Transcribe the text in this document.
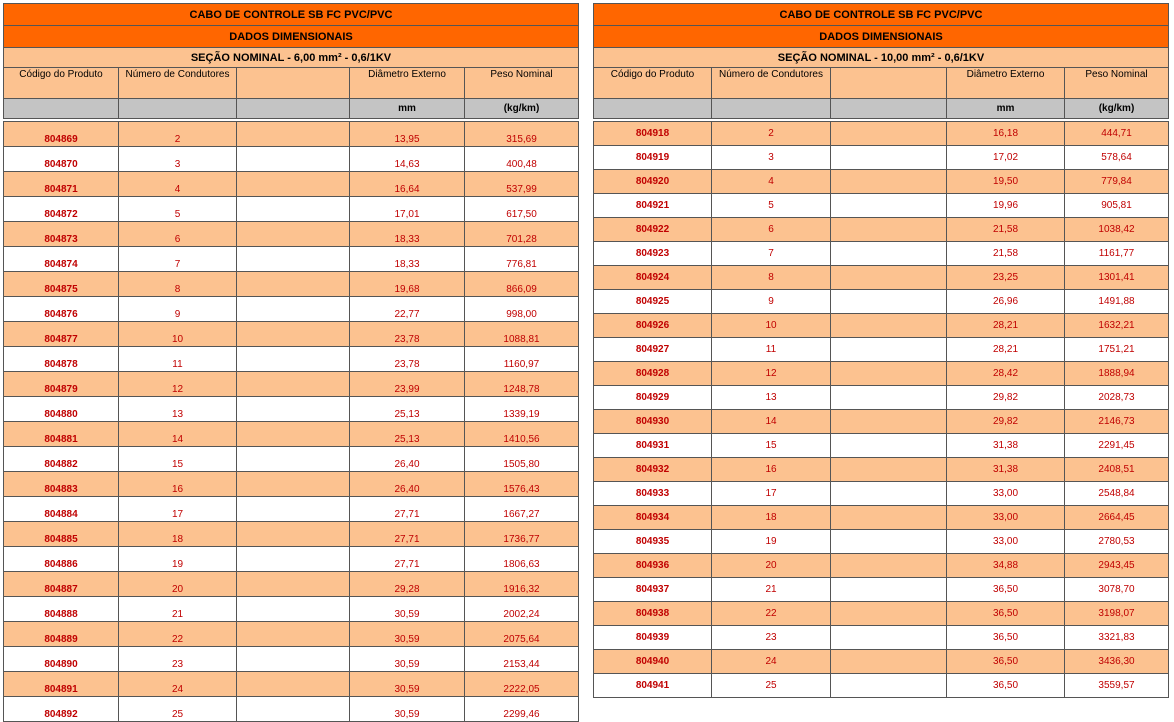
CABO DE CONTROLE SB FC PVC/PVC				
DADOS DIMENSIONAIS				
SEÇÃO NOMINAL - 6,00 mm² - 0,6/1KV				
Código do Produto	Número de Condutores		Diâmetro Externo	Peso Nominal
			mm	(kg/km)

804869	2		13,95	315,69
804870	3		14,63	400,48
804871	4		16,64	537,99
804872	5		17,01	617,50
804873	6		18,33	701,28
804874	7		18,33	776,81
804875	8		19,68	866,09
804876	9		22,77	998,00
804877	10		23,78	1088,81
804878	11		23,78	1160,97
804879	12		23,99	1248,78
804880	13		25,13	1339,19
804881	14		25,13	1410,56
804882	15		26,40	1505,80
804883	16		26,40	1576,43
804884	17		27,71	1667,27
804885	18		27,71	1736,77
804886	19		27,71	1806,63
804887	20		29,28	1916,32
804888	21		30,59	2002,24
804889	22		30,59	2075,64
804890	23		30,59	2153,44
804891	24		30,59	2222,05
804892	25		30,59	2299,46
CABO DE CONTROLE SB FC PVC/PVC				
DADOS DIMENSIONAIS				
SEÇÃO NOMINAL - 10,00 mm² - 0,6/1KV				
Código do Produto	Número de Condutores		Diâmetro Externo	Peso Nominal
			mm	(kg/km)

804918	2		16,18	444,71
804919	3		17,02	578,64
804920	4		19,50	779,84
804921	5		19,96	905,81
804922	6		21,58	1038,42
804923	7		21,58	1161,77
804924	8		23,25	1301,41
804925	9		26,96	1491,88
804926	10		28,21	1632,21
804927	11		28,21	1751,21
804928	12		28,42	1888,94
804929	13		29,82	2028,73
804930	14		29,82	2146,73
804931	15		31,38	2291,45
804932	16		31,38	2408,51
804933	17		33,00	2548,84
804934	18		33,00	2664,45
804935	19		33,00	2780,53
804936	20		34,88	2943,45
804937	21		36,50	3078,70
804938	22		36,50	3198,07
804939	23		36,50	3321,83
804940	24		36,50	3436,30
804941	25		36,50	3559,57
